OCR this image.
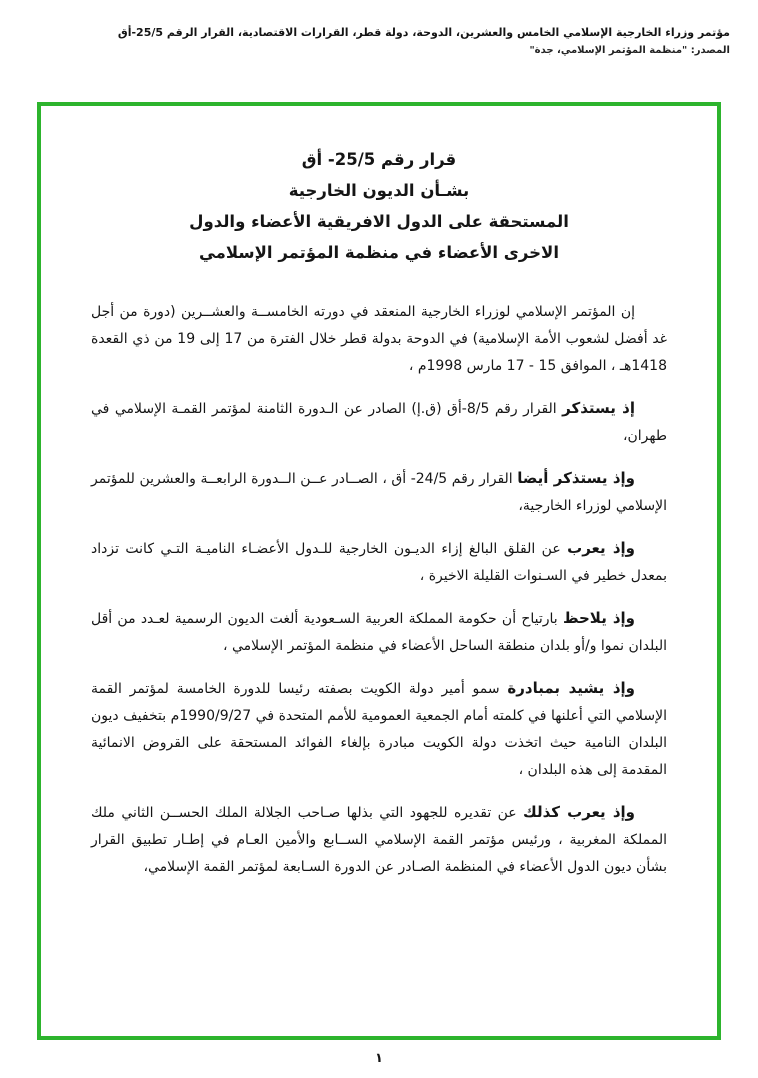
مؤتمر وزراء الخارجية الإسلامي الخامس والعشرين، الدوحة، دولة قطر، القرارات الاقتصادية، القرار الرقم 25/5-أق
المصدر: "منظمة المؤتمر الإسلامي، جدة"
قرار رقم 25/5- أق
بشـأن الديون الخارجية
المستحقة على الدول الافريقية الأعضاء والدول
الاخرى الأعضاء في منظمة المؤتمر الإسلامي

إن المؤتمر الإسلامي لوزراء الخارجية المنعقد في دورته الخامســة والعشــرين (دورة من أجل غد أفضل لشعوب الأمة الإسلامية) في الدوحة بدولة قطر خلال الفترة من 17 إلى 19 من ذي القعدة 1418هـ ، الموافق 15 - 17 مارس 1998م ،

إذ يستذكر القرار رقم 8/5-أق (ق.إ) الصادر عن الـدورة الثامنة لمؤتمر القمـة الإسلامي في طهران،

وإذ يستذكر أيضا القرار رقم 24/5- أق ، الصــادر عــن الــدورة الرابعــة والعشرين للمؤتمر الإسلامي لوزراء الخارجية،

وإذ يعرب عن القلق البالغ إزاء الديـون الخارجية للـدول الأعضـاء الناميـة التـي كانت تزداد بمعدل خطير في السـنوات القليلة الاخيرة ،

وإذ يلاحظ بارتياح أن حكومة المملكة العربية السـعودية ألغت الديون الرسمية لعـدد من أقل البلدان نموا و/أو بلدان منطقة الساحل الأعضاء في منظمة المؤتمر الإسلامي ،

وإذ يشيد بمبادرة سمو أمير دولة الكويت بصفته رئيسا للدورة الخامسة لمؤتمر القمة الإسلامي التي أعلنها في كلمته أمام الجمعية العمومية للأمم المتحدة في 1990/9/27م بتخفيف ديون البلدان النامية حيث اتخذت دولة الكويت مبادرة بإلغاء الفوائد المستحقة على القروض الانمائية المقدمة إلى هذه البلدان ،

وإذ يعرب كذلك عن تقديره للجهود التي بذلها صـاحب الجلالة الملك الحســن الثاني ملك المملكة المغربية ، ورئيس مؤتمر القمة الإسلامي الســابع والأمين العـام في إطـار تطبيق القرار بشأن ديون الدول الأعضاء في المنظمة الصـادر عن الدورة السـابعة لمؤتمر القمة الإسلامي،

١
